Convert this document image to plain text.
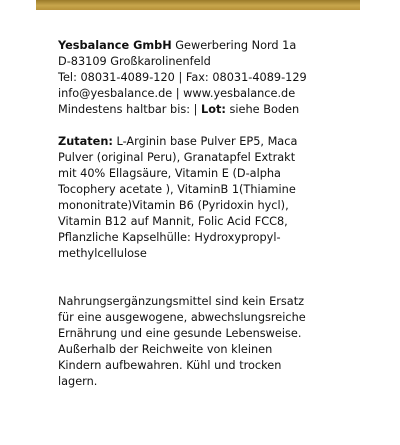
Yesbalance GmbH Gewerbering Nord 1a

D-83109 Großkarolinenfeld

Tel: 08031-4089-120 | Fax: 08031-4089-129

info@yesbalance.de | www.yesbalance.de

Mindestens haltbar bis: | Lot: siehe Boden

Zutaten: L-Arginin base Pulver EP5, Maca

Pulver (original Peru), Granatapfel Extrakt

mit 40% Ellagsäure, Vitamin E (D-alpha

Tocophery acetate ), VitaminB 1(Thiamine

mononitrate)Vitamin B6 (Pyridoxin hycl),

Vitamin B12 auf Mannit, Folic Acid FCC8,

Pflanzliche Kapselhülle: Hydroxypropyl-

methylcellulose

Nahrungsergänzungsmittel sind kein Ersatz

für eine ausgewogene, abwechslungsreiche

Ernährung und eine gesunde Lebensweise.

Außerhalb der Reichweite von kleinen

Kindern aufbewahren. Kühl und trocken

lagern.
